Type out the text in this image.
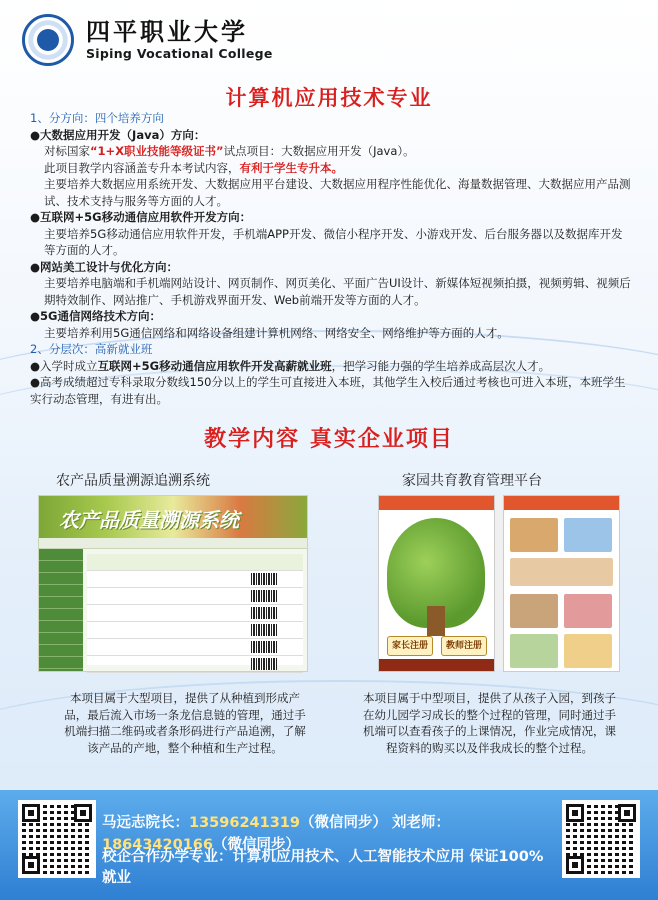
四平职业大学
Siping Vocational College
计算机应用技术专业
1、分方向：四个培养方向
●大数据应用开发（Java）方向：
对标国家“1+X职业技能等级证书”试点项目：大数据应用开发（Java）。
此项目教学内容涵盖专升本考试内容，有利于学生专升本。
主要培养大数据应用系统开发、大数据应用平台建设、大数据应用程序性能优化、海量数据管理、大数据应用产品测试、技术支持与服务等方面的人才。
●互联网+5G移动通信应用软件开发方向：
主要培养5G移动通信应用软件开发，手机端APP开发、微信小程序开发、小游戏开发、后台服务器以及数据库开发等方面的人才。
●网站美工设计与优化方向：
主要培养电脑端和手机端网站设计、网页制作、网页美化、平面广告UI设计、新媒体短视频拍摄，视频剪辑、视频后期特效制作、网站推广、手机游戏界面开发、Web前端开发等方面的人才。
●5G通信网络技术方向：
主要培养利用5G通信网络和网络设备组建计算机网络、网络安全、网络维护等方面的人才。
2、分层次：高新就业班
●入学时成立互联网+5G移动通信应用软件开发高薪就业班，把学习能力强的学生培养成高层次人才。
●高考成绩超过专科录取分数线150分以上的学生可直接进入本班，其他学生入校后通过考核也可进入本班，本班学生实行动态管理，有进有出。
教学内容 真实企业项目
农产品质量溯源追溯系统	家园共育教育管理平台
农产品质量溯源系统
家长注册	教师注册
本项目属于大型项目，提供了从种植到形成产品，最后流入市场一条龙信息链的管理，通过手机端扫描二维码或者条形码进行产品追溯，了解该产品的产地，整个种植和生产过程。
本项目属于中型项目，提供了从孩子入园，到孩子在幼儿园学习成长的整个过程的管理，同时通过手机端可以查看孩子的上课情况，作业完成情况，课程资料的购买以及伴我成长的整个过程。
马远志院长：13596241319（微信同步） 刘老师：18643420166（微信同步）
校企合作办学专业：计算机应用技术、人工智能技术应用 保证100%就业
